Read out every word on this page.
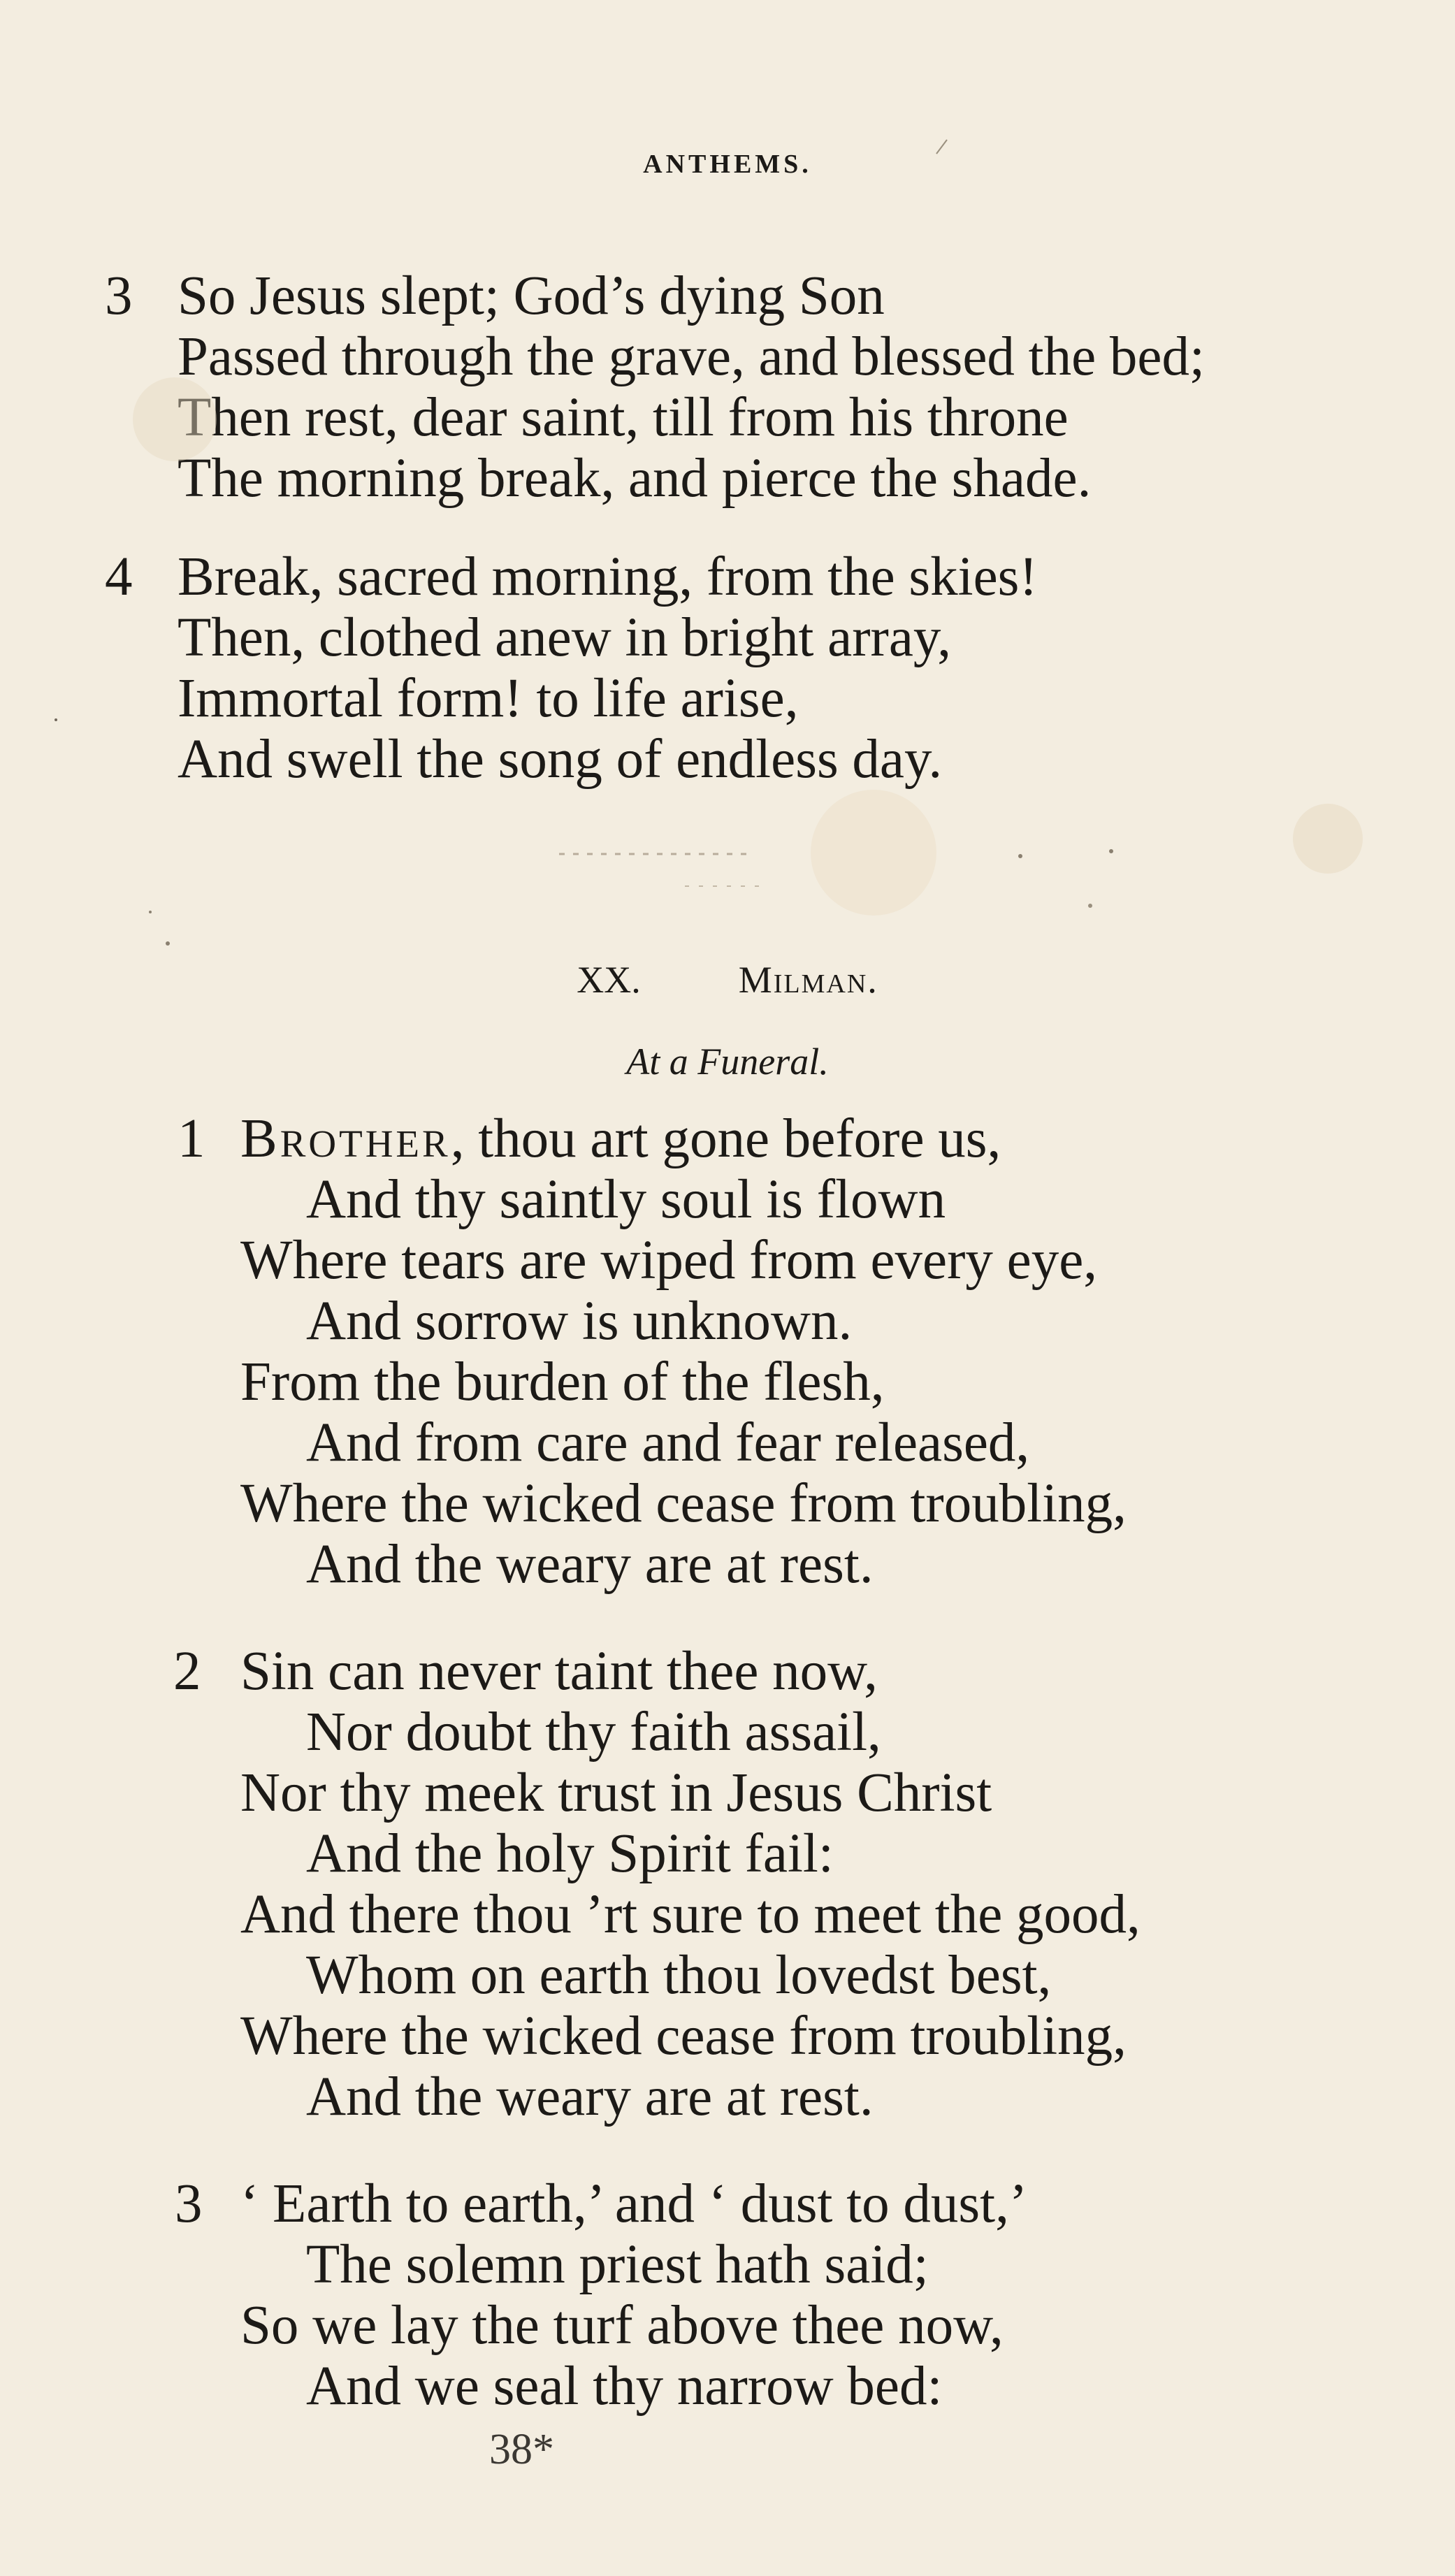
ANTHEMS.
3 So Jesus slept; God’s dying Son
Passed through the grave, and blessed the bed;
Then rest, dear saint, till from his throne
The morning break, and pierce the shade.
4 Break, sacred morning, from the skies!
Then, clothed anew in bright array,
Immortal form! to life arise,
And swell the song of endless day.
XX.	Milman.
At a Funeral.
1 Brother, thou art gone before us,
And thy saintly soul is flown
Where tears are wiped from every eye,
And sorrow is unknown.
From the burden of the flesh,
And from care and fear released,
Where the wicked cease from troubling,
And the weary are at rest.
2 Sin can never taint thee now,
Nor doubt thy faith assail,
Nor thy meek trust in Jesus Christ
And the holy Spirit fail:
And there thou ’rt sure to meet the good,
Whom on earth thou lovedst best,
Where the wicked cease from troubling,
And the weary are at rest.
3 ‘ Earth to earth,’ and ‘ dust to dust,’
The solemn priest hath said;
So we lay the turf above thee now,
And we seal thy narrow bed:
38*
